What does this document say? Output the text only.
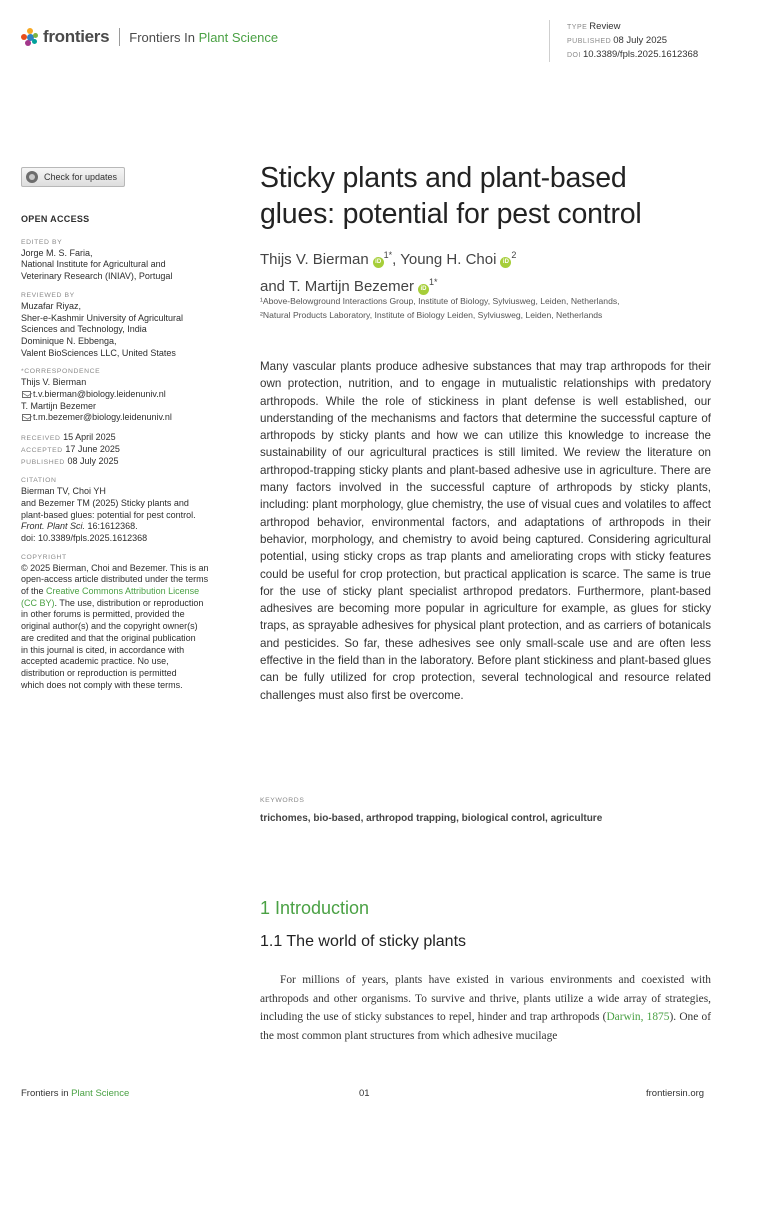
frontiers Frontiers In Plant Science
TYPE Review
PUBLISHED 08 July 2025
DOI 10.3389/fpls.2025.1612368
Check for updates
OPEN ACCESS
EDITED BY
Jorge M. S. Faria,
National Institute for Agricultural and
Veterinary Research (INIAV), Portugal
REVIEWED BY
Muzafar Riyaz,
Sher-e-Kashmir University of Agricultural
Sciences and Technology, India
Dominique N. Ebbenga,
Valent BioSciences LLC, United States
*CORRESPONDENCE
Thijs V. Bierman
t.v.bierman@biology.leidenuniv.nl
T. Martijn Bezemer
t.m.bezemer@biology.leidenuniv.nl
RECEIVED 15 April 2025
ACCEPTED 17 June 2025
PUBLISHED 08 July 2025
CITATION
Bierman TV, Choi YH
and Bezemer TM (2025) Sticky plants and
plant-based glues: potential for pest control.
Front. Plant Sci. 16:1612368.
doi: 10.3389/fpls.2025.1612368
COPYRIGHT
© 2025 Bierman, Choi and Bezemer. This is an
open-access article distributed under the terms
of the Creative Commons Attribution License
(CC BY). The use, distribution or reproduction
in other forums is permitted, provided the
original author(s) and the copyright owner(s)
are credited and that the original publication
in this journal is cited, in accordance with
accepted academic practice. No use,
distribution or reproduction is permitted
which does not comply with these terms.
Sticky plants and plant-based
glues: potential for pest control
Thijs V. Bierman $iD^{1*}$, Young H. Choi $iD^2$
and T. Martijn Bezemer $iD^{1*}$
¹Above-Belowground Interactions Group, Institute of Biology, Sylviusweg, Leiden, Netherlands,
²Natural Products Laboratory, Institute of Biology Leiden, Sylviusweg, Leiden, Netherlands
Many vascular plants produce adhesive substances that may trap arthropods for their own protection, nutrition, and to engage in mutualistic relationships with predatory arthropods. While the role of stickiness in plant defense is well established, our understanding of the mechanisms and factors that determine the successful capture of arthropods by sticky plants and how we can utilize this knowledge to increase the sustainability of our agricultural practices is still limited. We review the literature on arthropod-trapping sticky plants and plant-based adhesive use in agriculture. There are many factors involved in the successful capture of arthropods by sticky plants, including: plant morphology, glue chemistry, the use of visual cues and volatiles to affect arthropod behavior, environmental factors, and adaptations of arthropods in their behavior, morphology, and chemistry to avoid being captured. Considering agricultural potential, using sticky crops as trap plants and ameliorating crops with sticky features could be useful for crop protection, but practical application is scarce. The same is true for the use of sticky plant specialist arthropod predators. Furthermore, plant-based adhesives are becoming more popular in agriculture for example, as glues for sticky traps, as sprayable adhesives for physical plant protection, and as carriers of botanicals and pesticides. So far, these adhesives see only small-scale use and are often less effective in the field than in the laboratory. Before plant stickiness and plant-based glues can be fully utilized for crop protection, several technological and resource related challenges must also first be overcome.
KEYWORDS
trichomes, bio-based, arthropod trapping, biological control, agriculture
1 Introduction
1.1 The world of sticky plants

For millions of years, plants have existed in various environments and coexisted with arthropods and other organisms. To survive and thrive, plants utilize a wide array of strategies, including the use of sticky substances to repel, hinder and trap arthropods (Darwin, 1875). One of the most common plant structures from which adhesive mucilage

Frontiers in Plant Science	01	frontiersin.org
